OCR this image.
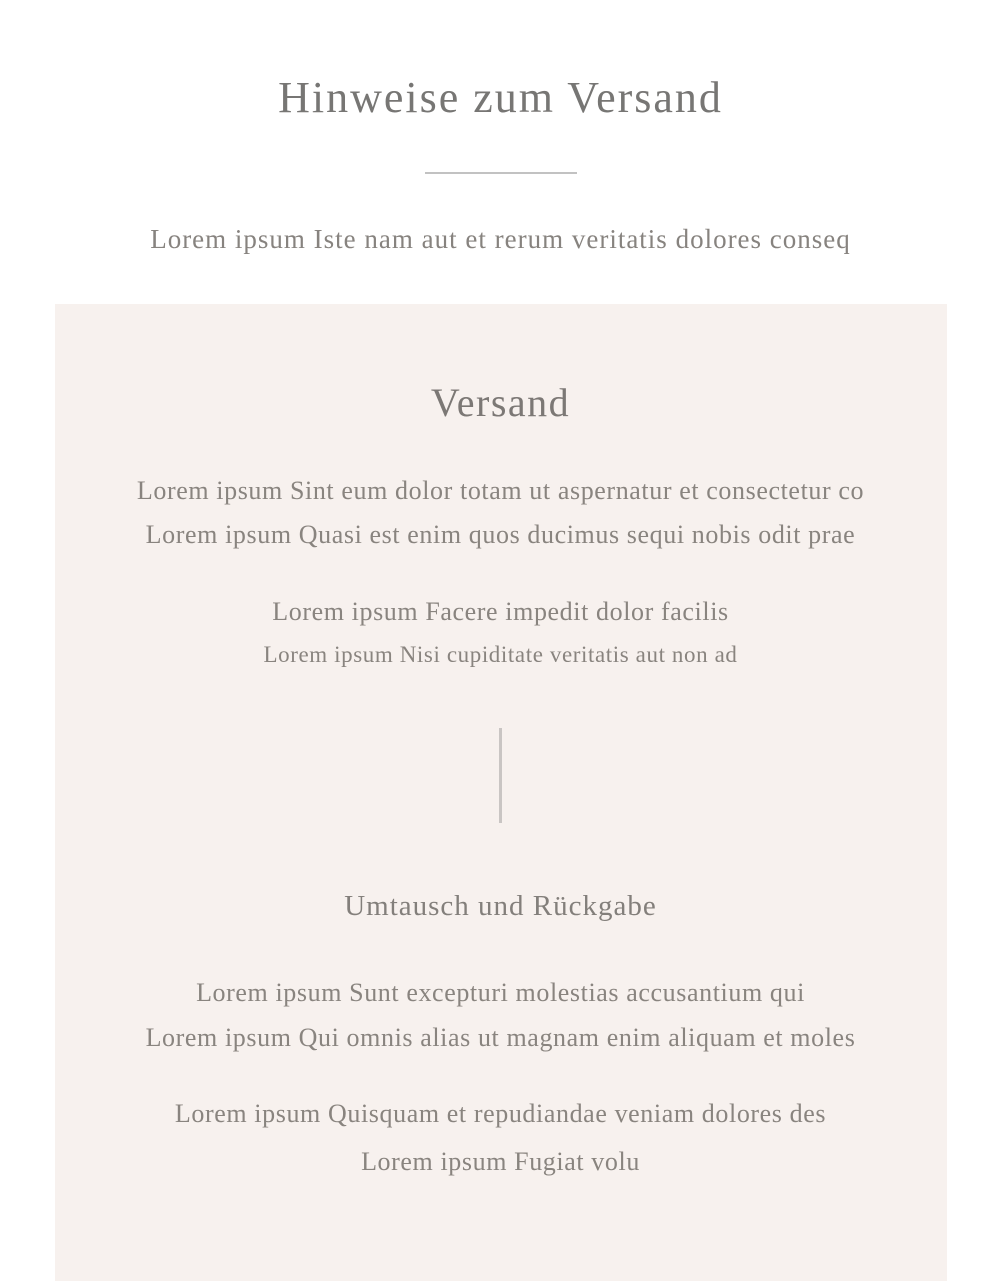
Hinweise zum Versand

Lorem ipsum Iste nam aut et rerum veritatis dolores conseq

Versand

Lorem ipsum Sint eum dolor totam ut aspernatur et consectetur co

Lorem ipsum Quasi est enim quos ducimus sequi nobis odit prae

Lorem ipsum Facere impedit dolor facilis

Lorem ipsum Nisi cupiditate veritatis aut non ad

Umtausch und Rückgabe

Lorem ipsum Sunt excepturi molestias accusantium qui

Lorem ipsum Qui omnis alias ut magnam enim aliquam et moles

Lorem ipsum Quisquam et repudiandae veniam dolores des

Lorem ipsum Fugiat volu
